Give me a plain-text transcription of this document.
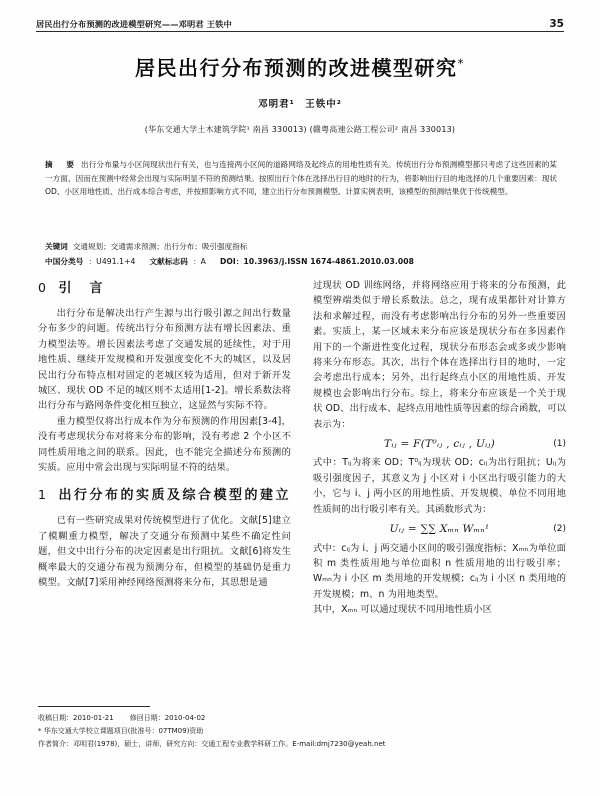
居民出行分布预测的改进模型研究——邓明君 王铁中	35
居民出行分布预测的改进模型研究*
邓明君¹　王铁中²
(华东交通大学土木建筑学院¹ 南昌 330013) (赣粤高速公路工程公司² 南昌 330013)
摘　要 出行分布量与小区间现状出行有关，也与连接两小区间的道路网络及起终点的用地性质有关。传统出行分布预测模型都只考虑了这些因素的某一方面，因而在预测中经常会出现与实际明显不符的预测结果。按照出行个体在选择出行目的地时的行为，将影响出行目的地选择的几个重要因素：现状 OD、小区用地性质、出行成本综合考虑，并按照影响方式不同，建立出行分布预测模型。计算实例表明，该模型的预测结果优于传统模型。
关键词 交通规划；交通需求预测；出行分布；吸引强度指标
中国分类号 ：U491.1+4 文献标志码 ：A DOI：10.3963/j.ISSN 1674-4861.2010.03.008
0 引　言

出行分布是解决出行产生源与出行吸引源之间出行数量分布多少的问题。传统出行分布预测方法有增长因素法、重力模型法等。增长因素法考虑了交通发展的延续性，对于用地性质、继续开发规模和开发强度变化不大的城区，以及居民出行分布特点相对固定的老城区较为适用，但对于新开发城区、现状 OD 不足的城区则不太适用[1-2]。增长系数法将出行分布与路网条件变化相互独立，这显然与实际不符。

重力模型仅将出行成本作为分布预测的作用因素[3-4]，没有考虑现状分布对将来分布的影响，没有考虑 2 个小区不同性质用地之间的联系。因此，也不能完全描述分布预测的实质。应用中常会出现与实际明显不符的结果。

1 出行分布的实质及综合模型的建立

已有一些研究成果对传统模型进行了优化。文献[5]建立了模糊重力模型，解决了交通分布预测中某些不确定性问题，但文中出行分布的决定因素是出行阻抗。文献[6]将发生概率最大的交通分布视为预测分布，但模型的基础仍是重力模型。文献[7]采用神经网络预测将来分布，其思想是通

过现状 OD 训练网络，并将网络应用于将来的分布预测，此模型辨端类似于增长系数法。总之，现有成果都针对计算方法和求解过程，而没有考虑影响出行分布的另外一些重要因素。实质上，某一区域未来分布应该是现状分布在多因素作用下的一个渐进性变化过程，现状分布形态会或多或少影响将来分布形态。其次，出行个体在选择出行目的地时，一定会考虑出行成本；另外，出行起终点小区的用地性质、开发规模也会影响出行分布。综上，将来分布应该是一个关于现状 OD、出行成本、起终点用地性质等因素的综合函数，可以表示为：

Tᵢⱼ = F(T⁰ᵢⱼ , cᵢⱼ , Uᵢⱼ)	(1)

式中：Tᵢⱼ为将来 OD；T⁰ᵢⱼ为现状 OD；cᵢⱼ为出行阻抗；Uᵢⱼ为吸引强度因子，其意义为 j 小区对 i 小区出行吸引能力的大小，它与 i、j 两小区的用地性质、开发规模、单位不同用地性质间的出行吸引率有关。其函数形式为：

Uᵢⱼ = ∑∑ Xₘₙ Wₘₙ¹	(2)

式中：cᵢⱼ为 i、j 两交通小区间的吸引强度指标；Xₘₙ为单位面积 m 类性质用地与单位面积 n 性质用地的出行吸引率；Wₘₙ为 i 小区 m 类用地的开发规模；cᵢⱼ为 i 小区 n 类用地的开发规模；m、n 为用地类型。

其中，Xₘₙ 可以通过现状不同用地性质小区

收稿日期：2010-01-21 修回日期：2010-04-02
* 华东交通大学校立课题项目(批准号：07TM09)资助
作者简介：邓明君(1978)，硕士，讲师，研究方向：交通工程专业教学科研工作。E-mail:dmj7230@yeah.net
